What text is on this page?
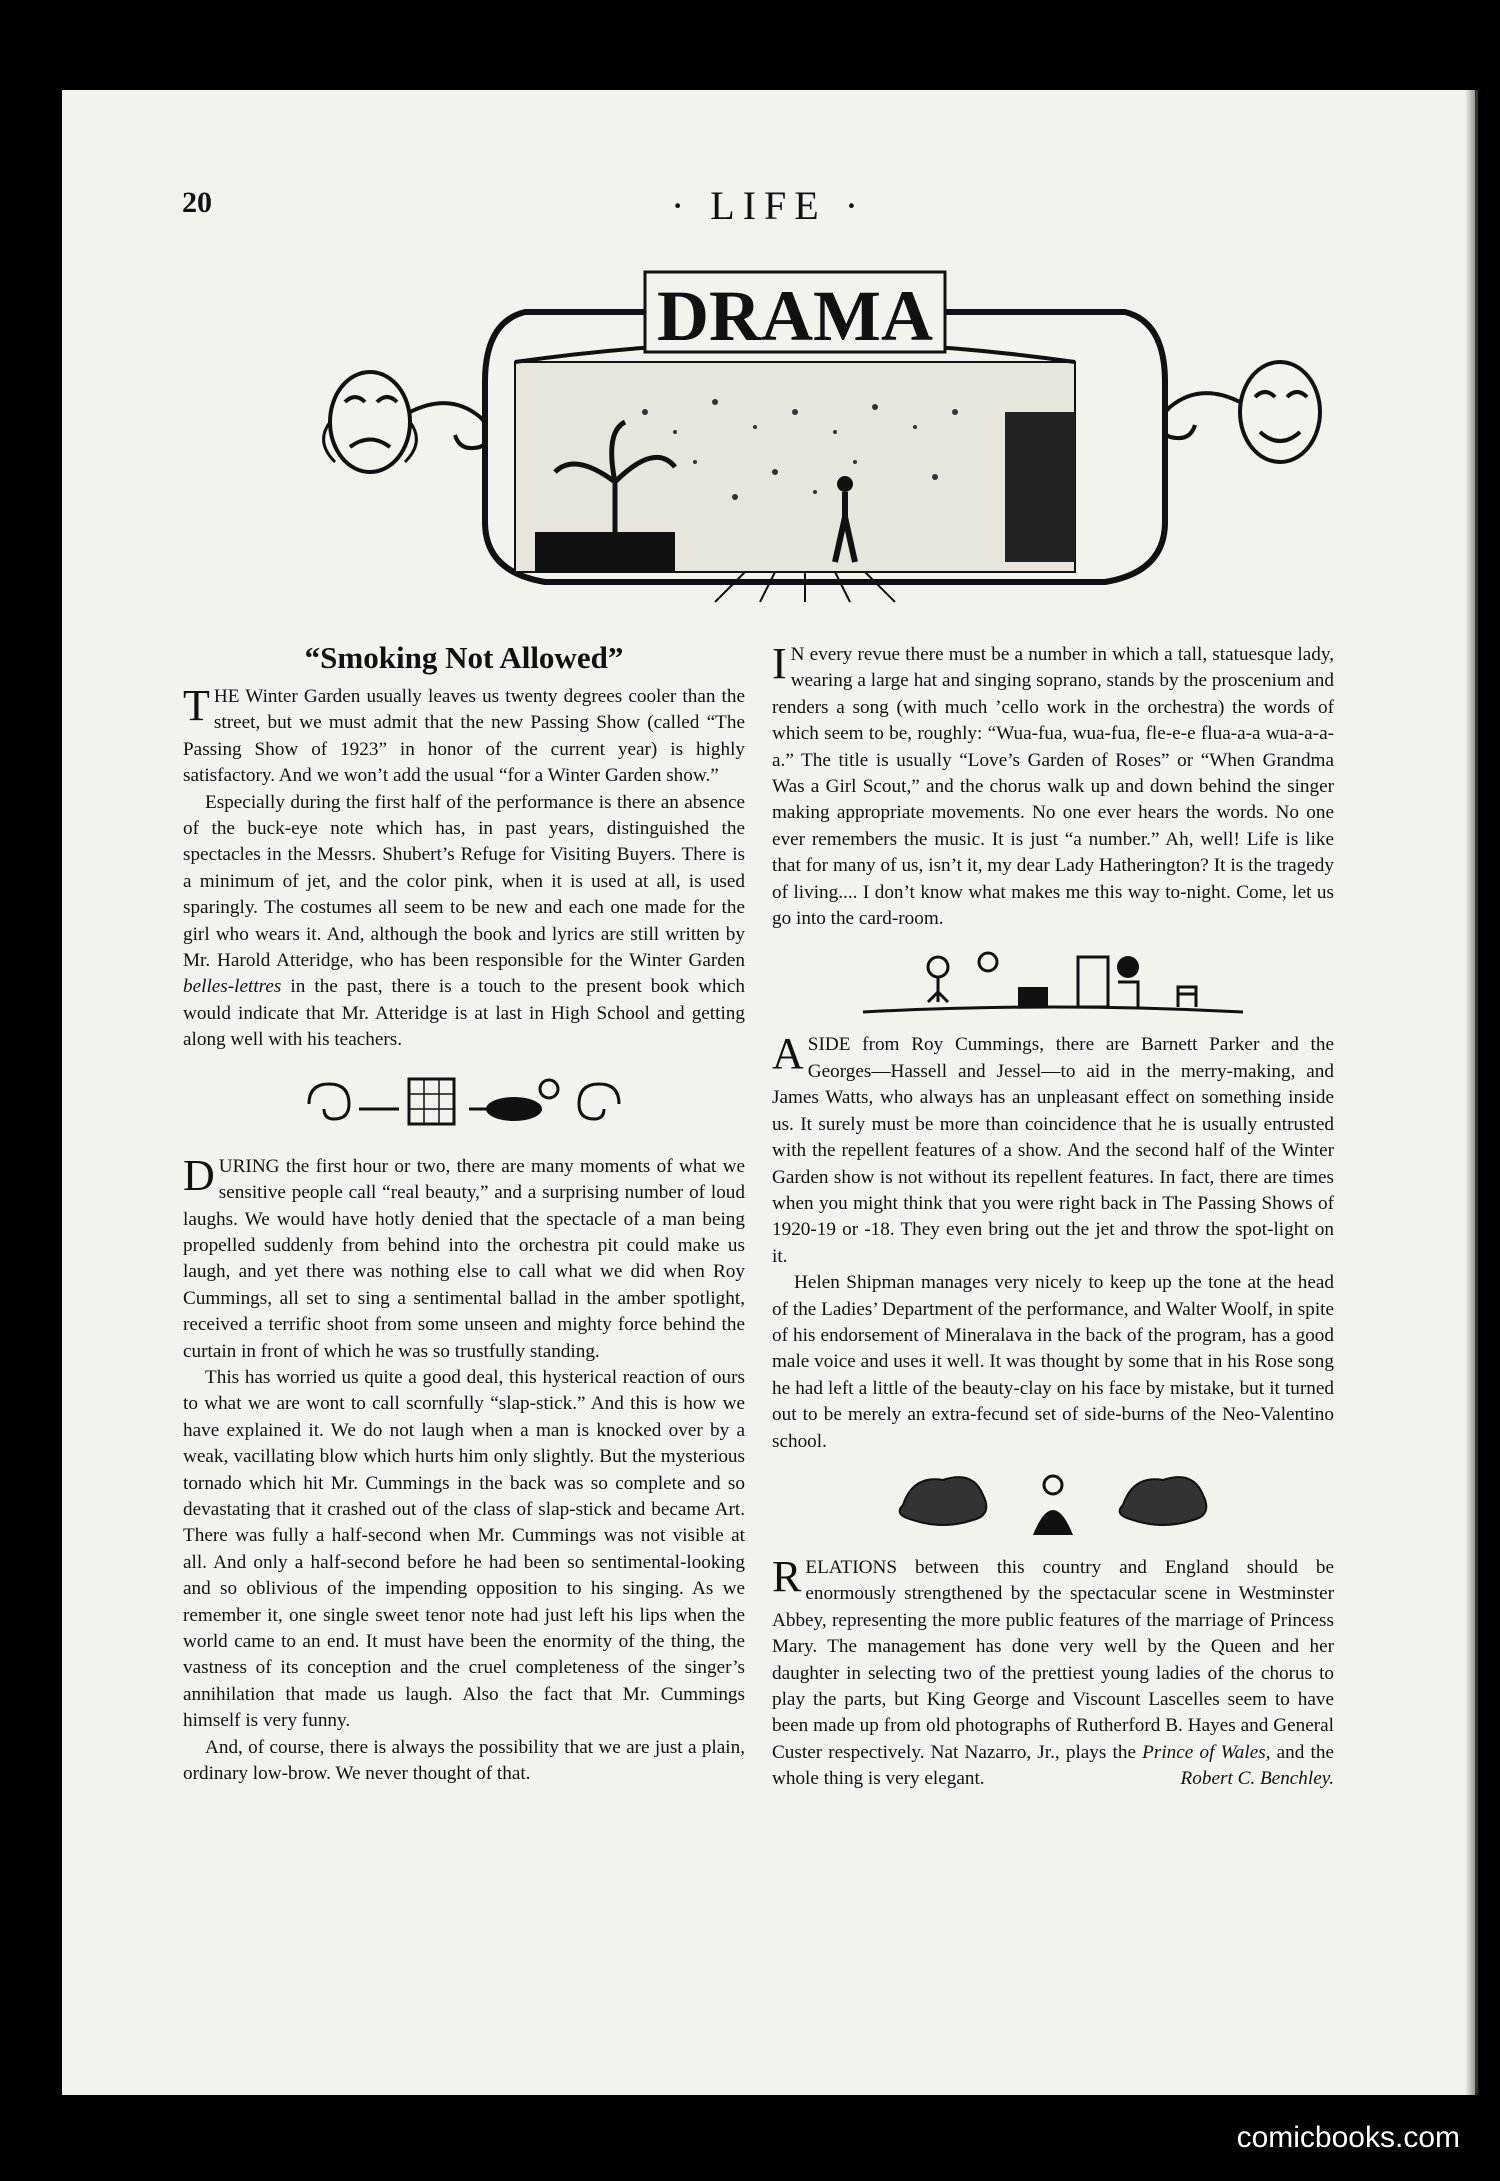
20	· LIFE ·
DRAMA
“Smoking Not Allowed”

THE Winter Garden usually leaves us twenty degrees cooler than the street, but we must admit that the new Passing Show (called “The Passing Show of 1923” in honor of the current year) is highly satisfactory. And we won’t add the usual “for a Winter Garden show.”

Especially during the first half of the performance is there an absence of the buck-eye note which has, in past years, distinguished the spectacles in the Messrs. Shubert’s Refuge for Visiting Buyers. There is a minimum of jet, and the color pink, when it is used at all, is used sparingly. The costumes all seem to be new and each one made for the girl who wears it. And, although the book and lyrics are still written by Mr. Harold Atteridge, who has been responsible for the Winter Garden belles-lettres in the past, there is a touch to the present book which would indicate that Mr. Atteridge is at last in High School and getting along well with his teachers.

DURING the first hour or two, there are many moments of what we sensitive people call “real beauty,” and a surprising number of loud laughs. We would have hotly denied that the spectacle of a man being propelled suddenly from behind into the orchestra pit could make us laugh, and yet there was nothing else to call what we did when Roy Cummings, all set to sing a sentimental ballad in the amber spotlight, received a terrific shoot from some unseen and mighty force behind the curtain in front of which he was so trustfully standing.

This has worried us quite a good deal, this hysterical reaction of ours to what we are wont to call scornfully “slap-stick.” And this is how we have explained it. We do not laugh when a man is knocked over by a weak, vacillating blow which hurts him only slightly. But the mysterious tornado which hit Mr. Cummings in the back was so complete and so devastating that it crashed out of the class of slap-stick and became Art. There was fully a half-second when Mr. Cummings was not visible at all. And only a half-second before he had been so sentimental-looking and so oblivious of the impending opposition to his singing. As we remember it, one single sweet tenor note had just left his lips when the world came to an end. It must have been the enormity of the thing, the vastness of its conception and the cruel completeness of the singer’s annihilation that made us laugh. Also the fact that Mr. Cummings himself is very funny.

And, of course, there is always the possibility that we are just a plain, ordinary low-brow. We never thought of that.

I N every revue there must be a number in which a tall, statuesque lady, wearing a large hat and singing soprano, stands by the proscenium and renders a song (with much ’cello work in the orchestra) the words of which seem to be, roughly: “Wua-fua, wua-fua, fle-e-e flua-a-a wua-a-a-a.” The title is usually “Love’s Garden of Roses” or “When Grandma Was a Girl Scout,” and the chorus walk up and down behind the singer making appropriate movements. No one ever hears the words. No one ever remembers the music. It is just “a number.” Ah, well! Life is like that for many of us, isn’t it, my dear Lady Hatherington? It is the tragedy of living.... I don’t know what makes me this way to-night. Come, let us go into the card-room.

ASIDE from Roy Cummings, there are Barnett Parker and the Georges—Hassell and Jessel—to aid in the merry-making, and James Watts, who always has an unpleasant effect on something inside us. It surely must be more than coincidence that he is usually entrusted with the repellent features of a show. And the second half of the Winter Garden show is not without its repellent features. In fact, there are times when you might think that you were right back in The Passing Shows of 1920-19 or -18. They even bring out the jet and throw the spot-light on it.

Helen Shipman manages very nicely to keep up the tone at the head of the Ladies’ Department of the performance, and Walter Woolf, in spite of his endorsement of Mineralava in the back of the program, has a good male voice and uses it well. It was thought by some that in his Rose song he had left a little of the beauty-clay on his face by mistake, but it turned out to be merely an extra-fecund set of side-burns of the Neo-Valentino school.

RELATIONS between this country and England should be enormously strengthened by the spectacular scene in Westminster Abbey, representing the more public features of the marriage of Princess Mary. The management has done very well by the Queen and her daughter in selecting two of the prettiest young ladies of the chorus to play the parts, but King George and Viscount Lascelles seem to have been made up from old photographs of Rutherford B. Hayes and General Custer respectively. Nat Nazarro, Jr., plays the Prince of Wales, and the whole thing is very elegant.	Robert C. Benchley.

comicbooks.com
